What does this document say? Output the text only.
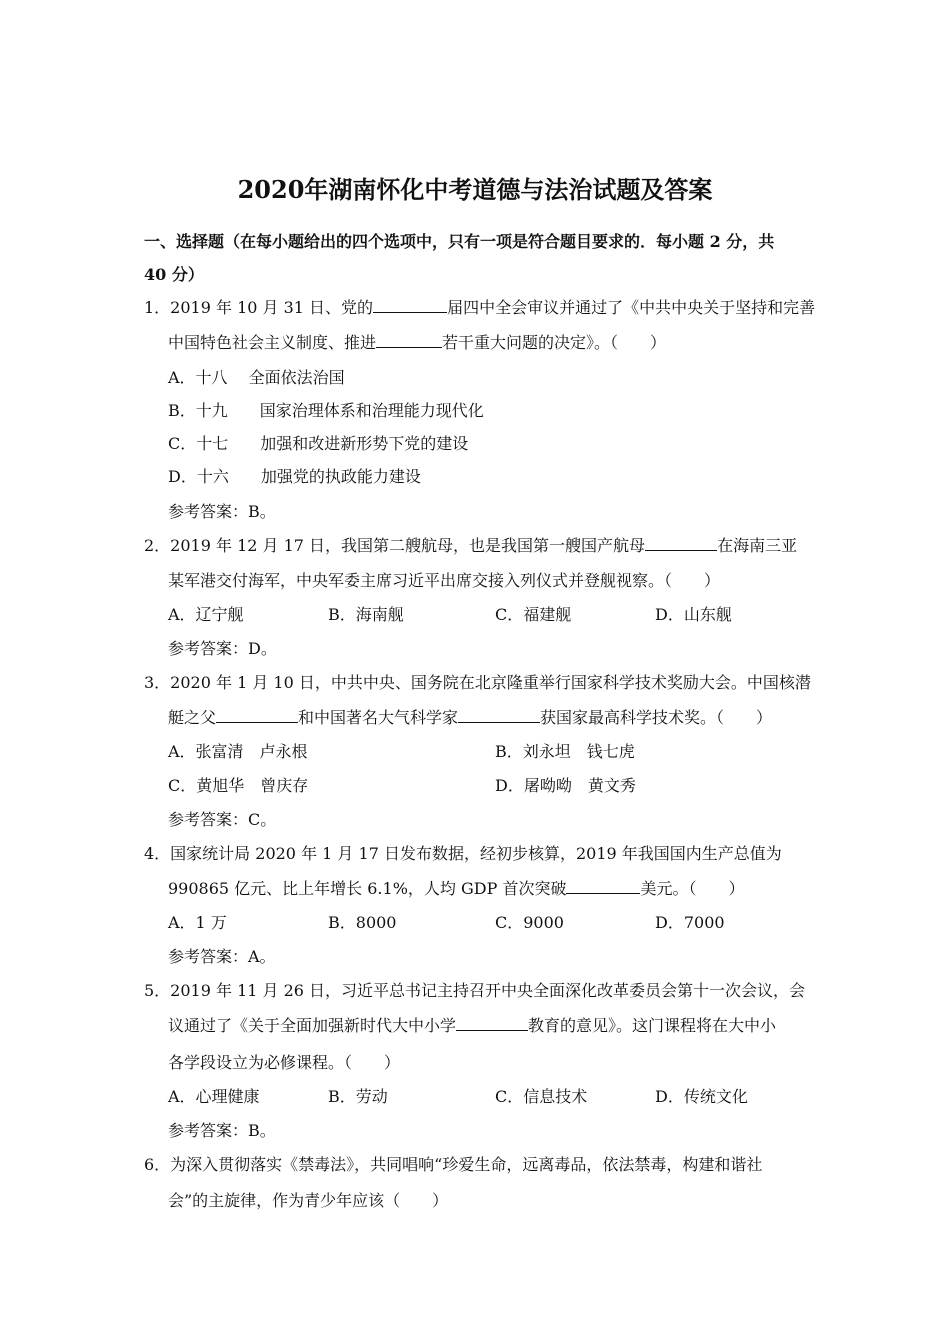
2020年湖南怀化中考道德与法治试题及答案
一、选择题（在每小题给出的四个选项中，只有一项是符合题目要求的．每小题 2 分，共
40 分）
1．2019 年 10 月 31 日、党的	届四中全会审议并通过了《中共中央关于坚持和完善
中国特色社会主义制度、推进	若干重大问题的决定》。（　　）
A．十八　 全面依法治国
B．十九　　国家治理体系和治理能力现代化
C．十七　　加强和改进新形势下党的建设
D．十六　　加强党的执政能力建设
参考答案：B。
2．2019 年 12 月 17 日，我国第二艘航母，也是我国第一艘国产航母	在海南三亚
某军港交付海军，中央军委主席习近平出席交接入列仪式并登舰视察。（　　）
A．辽宁舰	B．海南舰	C．福建舰	D．山东舰
参考答案：D。
3．2020 年 1 月 10 日，中共中央、国务院在北京隆重举行国家科学技术奖励大会。中国核潜
艇之父	和中国著名大气科学家	获国家最高科学技术奖。（　　）
A．张富清　卢永根	B．刘永坦　钱七虎
C．黄旭华　曾庆存	D．屠呦呦　黄文秀
参考答案：C。
4．国家统计局 2020 年 1 月 17 日发布数据，经初步核算，2019 年我国国内生产总值为
990865 亿元、比上年增长 6.1%，人均 GDP 首次突破	美元。（　　）
A．1 万	B．8000	C．9000	D．7000
参考答案：A。
5．2019 年 11 月 26 日，习近平总书记主持召开中央全面深化改革委员会第十一次会议，会
议通过了《关于全面加强新时代大中小学	教育的意见》。这门课程将在大中小
各学段设立为必修课程。（　　）
A．心理健康	B．劳动	C．信息技术	D．传统文化
参考答案：B。
6．为深入贯彻落实《禁毒法》，共同唱响“珍爱生命，远离毒品，依法禁毒，构建和谐社
会”的主旋律，作为青少年应该（　　）
